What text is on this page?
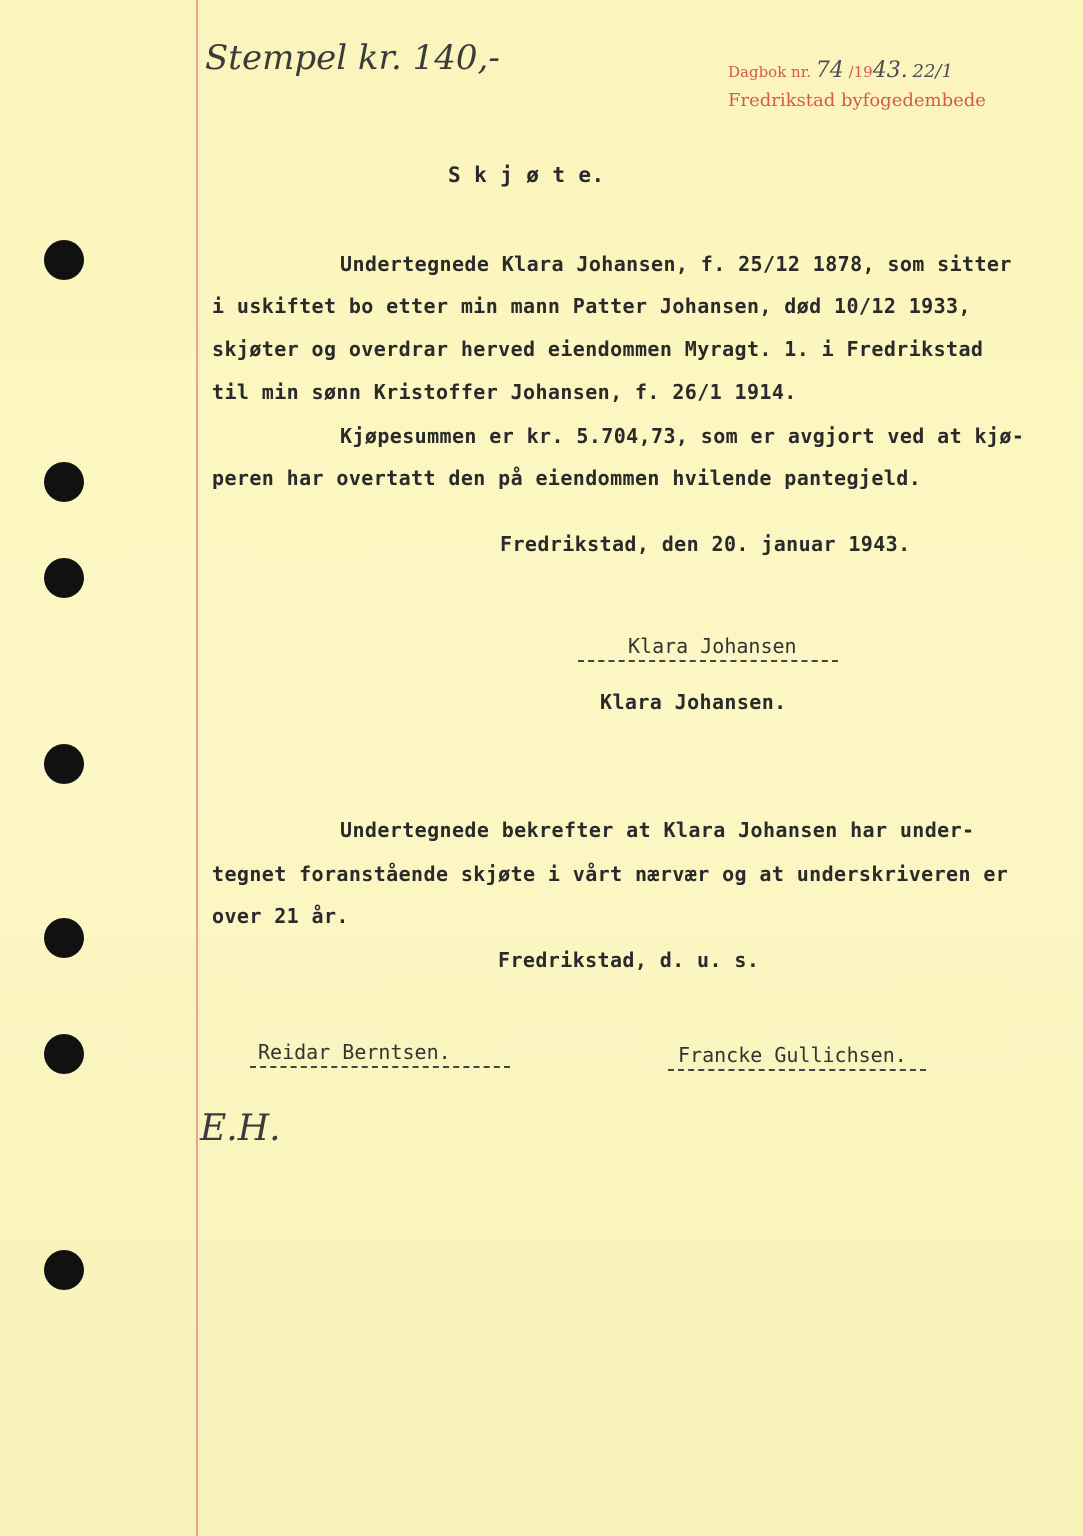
Stempel kr. 140,-	Dagbok nr. 74 /1943. 22/1
Fredrikstad byfogedembede
S k j ø t e.
Undertegnede Klara Johansen, f. 25/12 1878, som sitter
i uskiftet bo etter min mann Patter Johansen, død 10/12 1933,
skjøter og overdrar herved eiendommen Myragt. 1. i Fredrikstad
til min sønn Kristoffer Johansen, f. 26/1 1914.
Kjøpesummen er kr. 5.704,73, som er avgjort ved at kjø-
peren har overtatt den på eiendommen hvilende pantegjeld.
Fredrikstad, den 20. januar 1943.
Klara Johansen
Klara Johansen.
Undertegnede bekrefter at Klara Johansen har under-
tegnet foranstående skjøte i vårt nærvær og at underskriveren er
over 21 år.
Fredrikstad, d. u. s.
Reidar Berntsen.	Francke Gullichsen.
E.H.
